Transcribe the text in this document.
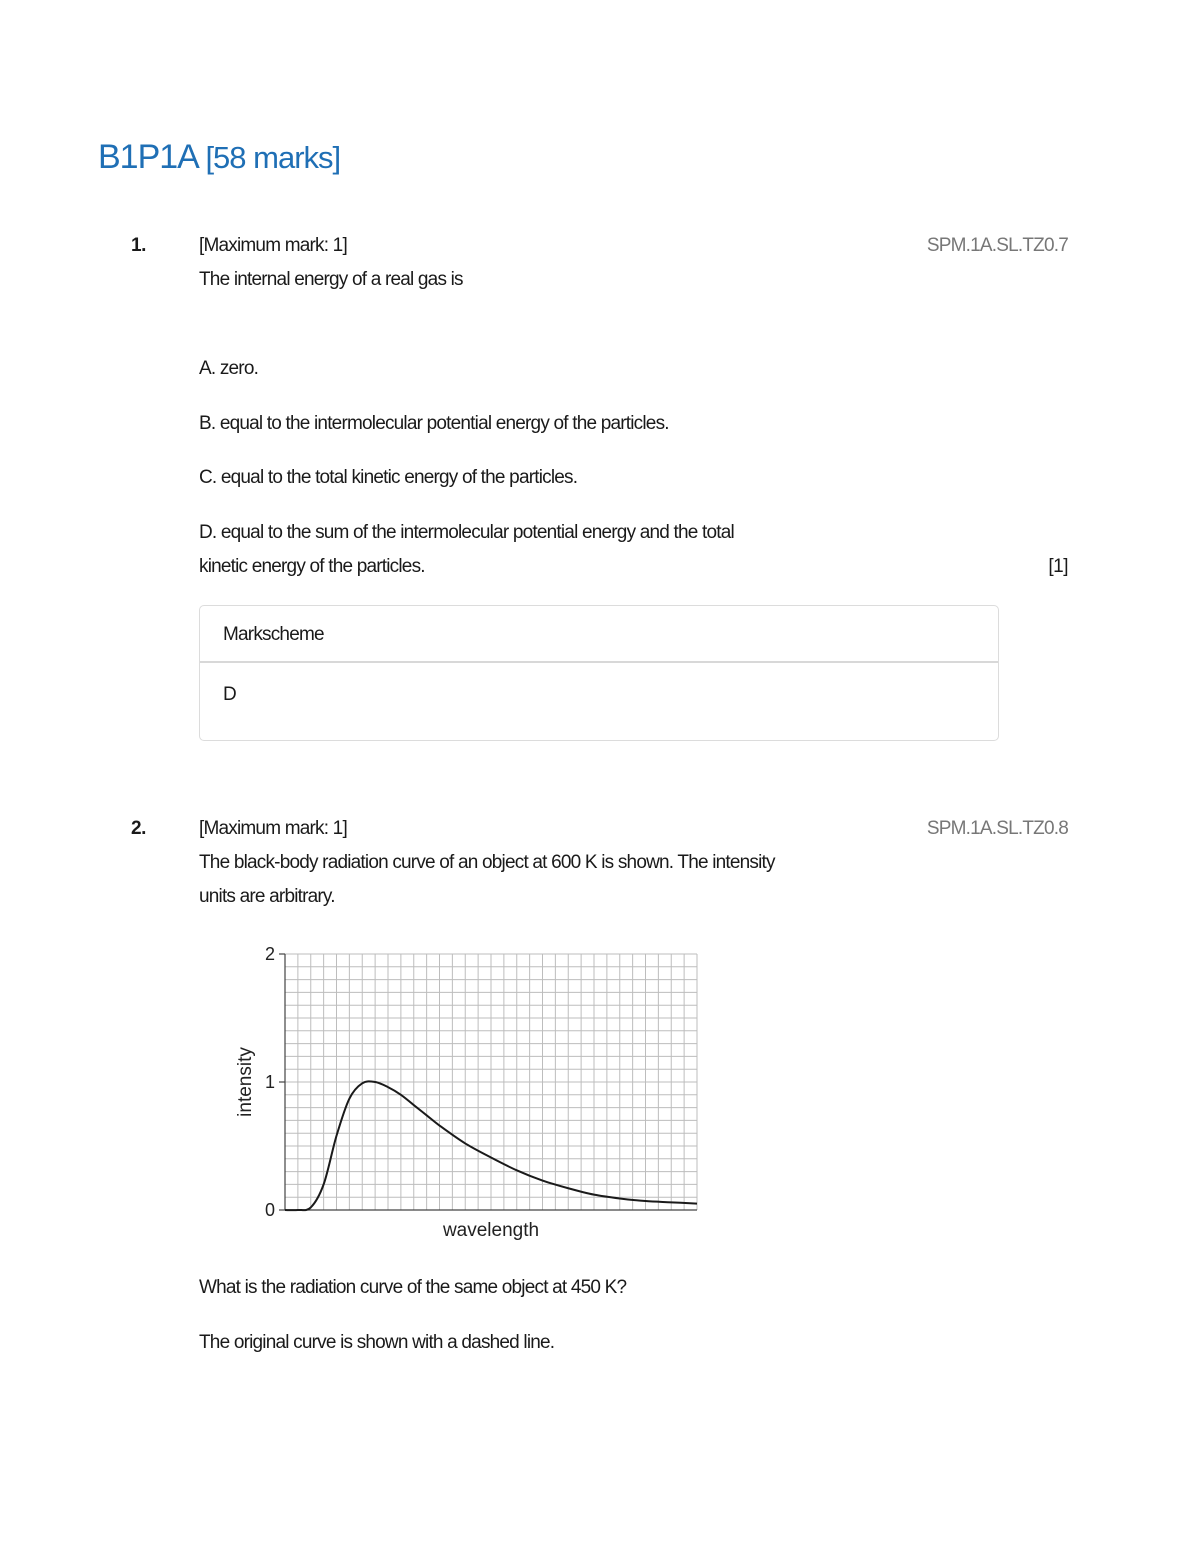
B1P1A [58 marks]
1.	[Maximum mark: 1]	SPM.1A.SL.TZ0.7
The internal energy of a real gas is
A. zero.
B. equal to the intermolecular potential energy of the particles.
C. equal to the total kinetic energy of the particles.
D. equal to the sum of the intermolecular potential energy and the total
kinetic energy of the particles.	[1]
Markscheme
D
2.	[Maximum mark: 1]	SPM.1A.SL.TZ0.8
The black-body radiation curve of an object at 600 K is shown. The intensity
units are arbitrary.
0
1
2
intensity
wavelength
What is the radiation curve of the same object at 450 K?
The original curve is shown with a dashed line.
